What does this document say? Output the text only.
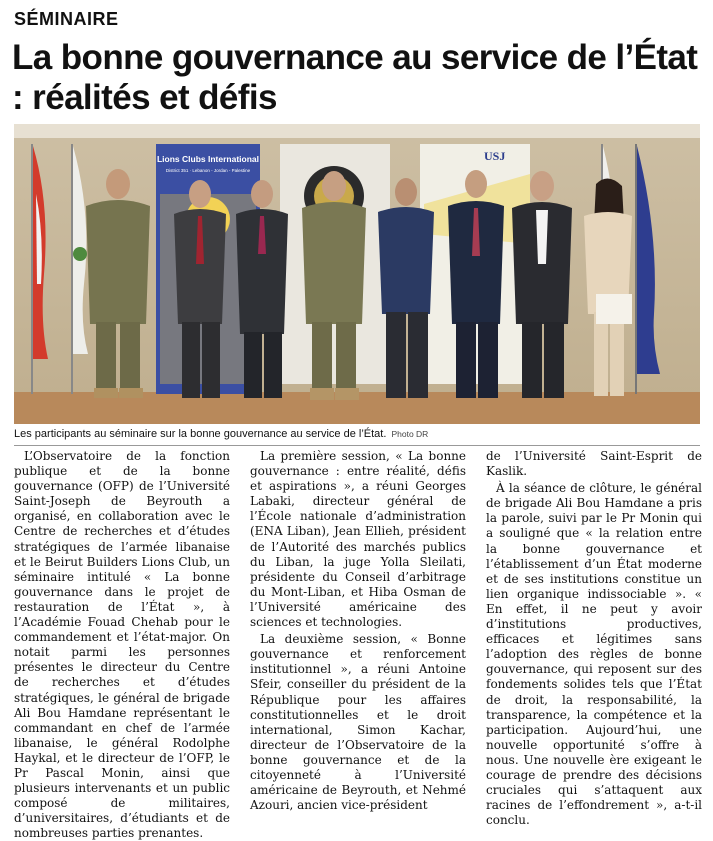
SÉMINAIRE
La bonne gouvernance au service de l’État : réalités et défis
Lions Clubs International
District 351 · Lebanon - Jordan - Palestine
USJ
Les participants au séminaire sur la bonne gouvernance au service de l’État. Photo DR

L’Observatoire de la fonction publique et de la bonne gouvernance (OFP) de l’Université Saint-Joseph de Beyrouth a organisé, en collaboration avec le Centre de recherches et d’études stratégiques de l’armée libanaise et le Beirut Builders Lions Club, un séminaire intitulé « La bonne gouvernance dans le projet de restauration de l’État », à l’Académie Fouad Chehab pour le commandement et l’état-major. On notait parmi les personnes présentes le directeur du Centre de recherches et d’études stratégiques, le général de brigade Ali Bou Hamdane représentant le commandant en chef de l’armée libanaise, le général Rodolphe Haykal, et le directeur de l’OFP, le Pr Pascal Monin, ainsi que plusieurs intervenants et un public composé de militaires, d’universitaires, d’étudiants et de nombreuses parties prenantes.

La première session, « La bonne gouvernance : entre réalité, défis et aspirations », a réuni Georges Labaki, directeur général de l’École nationale d’administration (ENA Liban), Jean Ellieh, président de l’Autorité des marchés publics du Liban, la juge Yolla Sleilati, présidente du Conseil d’arbitrage du Mont-Liban, et Hiba Osman de l’Université américaine des sciences et technologies.

La deuxième session, « Bonne gouvernance et renforcement institutionnel », a réuni Antoine Sfeir, conseiller du président de la République pour les affaires constitutionnelles et le droit international, Simon Kachar, directeur de l’Observatoire de la bonne gouvernance et de la citoyenneté à l’Université américaine de Beyrouth, et Nehmé Azouri, ancien vice-président

de l’Université Saint-Esprit de Kaslik.

À la séance de clôture, le général de brigade Ali Bou Hamdane a pris la parole, suivi par le Pr Monin qui a souligné que « la relation entre la bonne gouvernance et l’établissement d’un État moderne et de ses institutions constitue un lien organique indissociable ». « En effet, il ne peut y avoir d’institutions productives, efficaces et légitimes sans l’adoption des règles de bonne gouvernance, qui reposent sur des fondements solides tels que l’État de droit, la responsabilité, la transparence, la compétence et la participation. Aujourd’hui, une nouvelle opportunité s’offre à nous. Une nouvelle ère exigeant le courage de prendre des décisions cruciales qui s’attaquent aux racines de l’effondrement », a-t-il conclu.
